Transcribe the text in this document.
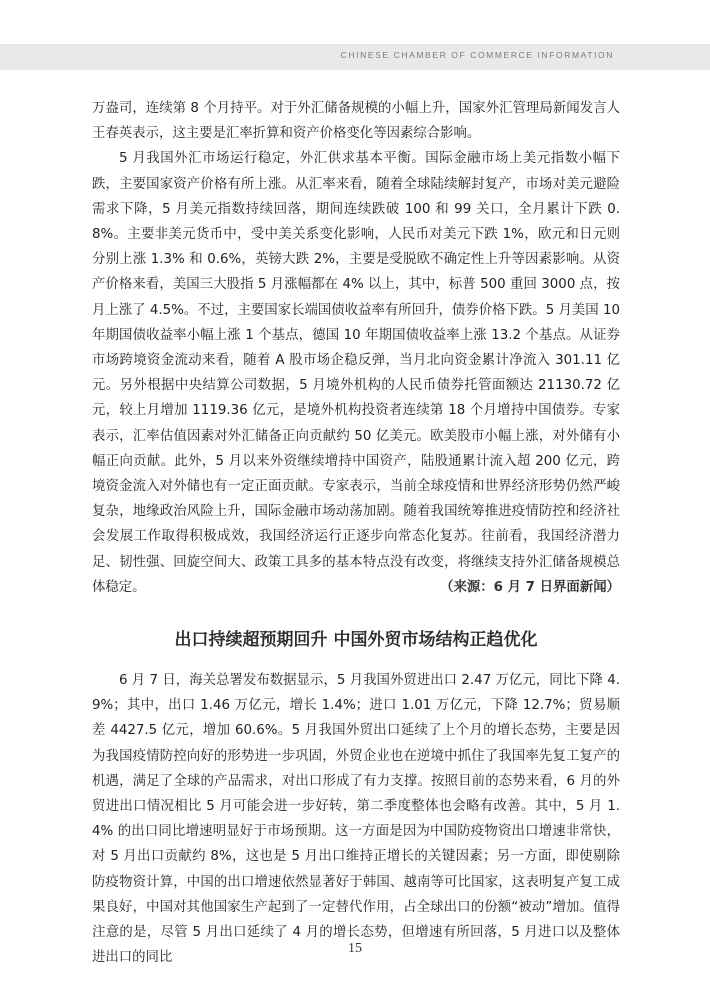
CHINESE CHAMBER OF COMMERCE INFORMATION

万盎司，连续第 8 个月持平。对于外汇储备规模的小幅上升，国家外汇管理局新闻发言人王春英表示，这主要是汇率折算和资产价格变化等因素综合影响。

5 月我国外汇市场运行稳定，外汇供求基本平衡。国际金融市场上美元指数小幅下跌，主要国家资产价格有所上涨。从汇率来看，随着全球陆续解封复产，市场对美元避险需求下降，5 月美元指数持续回落，期间连续跌破 100 和 99 关口，全月累计下跌 0.8%。主要非美元货币中，受中美关系变化影响，人民币对美元下跌 1%，欧元和日元则分别上涨 1.3% 和 0.6%，英镑大跌 2%，主要是受脱欧不确定性上升等因素影响。从资产价格来看，美国三大股指 5 月涨幅都在 4% 以上，其中，标普 500 重回 3000 点，按月上涨了 4.5%。不过，主要国家长端国债收益率有所回升，债券价格下跌。5 月美国 10 年期国债收益率小幅上涨 1 个基点，德国 10 年期国债收益率上涨 13.2 个基点。从证券市场跨境资金流动来看，随着 A 股市场企稳反弹，当月北向资金累计净流入 301.11 亿元。另外根据中央结算公司数据，5 月境外机构的人民币债券托管面额达 21130.72 亿元，较上月增加 1119.36 亿元，是境外机构投资者连续第 18 个月增持中国债券。专家表示，汇率估值因素对外汇储备正向贡献约 50 亿美元。欧美股市小幅上涨，对外储有小幅正向贡献。此外，5 月以来外资继续增持中国资产，陆股通累计流入超 200 亿元，跨境资金流入对外储也有一定正面贡献。专家表示，当前全球疫情和世界经济形势仍然严峻复杂，地缘政治风险上升，国际金融市场动荡加剧。随着我国统筹推进疫情防控和经济社会发展工作取得积极成效，我国经济运行正逐步向常态化复苏。往前看，我国经济潜力足、韧性强、回旋空间大、政策工具多的基本特点没有改变，将继续支持外汇储备规模总体稳定。	（来源：6 月 7 日界面新闻）

出口持续超预期回升 中国外贸市场结构正趋优化

6 月 7 日，海关总署发布数据显示，5 月我国外贸进出口 2.47 万亿元，同比下降 4.9%；其中，出口 1.46 万亿元，增长 1.4%；进口 1.01 万亿元，下降 12.7%；贸易顺差 4427.5 亿元，增加 60.6%。5 月我国外贸出口延续了上个月的增长态势，主要是因为我国疫情防控向好的形势进一步巩固，外贸企业也在逆境中抓住了我国率先复工复产的机遇，满足了全球的产品需求，对出口形成了有力支撑。按照目前的态势来看，6 月的外贸进出口情况相比 5 月可能会进一步好转，第二季度整体也会略有改善。其中，5 月 1.4% 的出口同比增速明显好于市场预期。这一方面是因为中国防疫物资出口增速非常快，对 5 月出口贡献约 8%，这也是 5 月出口维持正增长的关键因素；另一方面，即使剔除防疫物资计算，中国的出口增速依然显著好于韩国、越南等可比国家，这表明复产复工成果良好，中国对其他国家生产起到了一定替代作用，占全球出口的份额“被动”增加。值得注意的是，尽管 5 月出口延续了 4 月的增长态势，但增速有所回落，5 月进口以及整体进出口的同比

15
